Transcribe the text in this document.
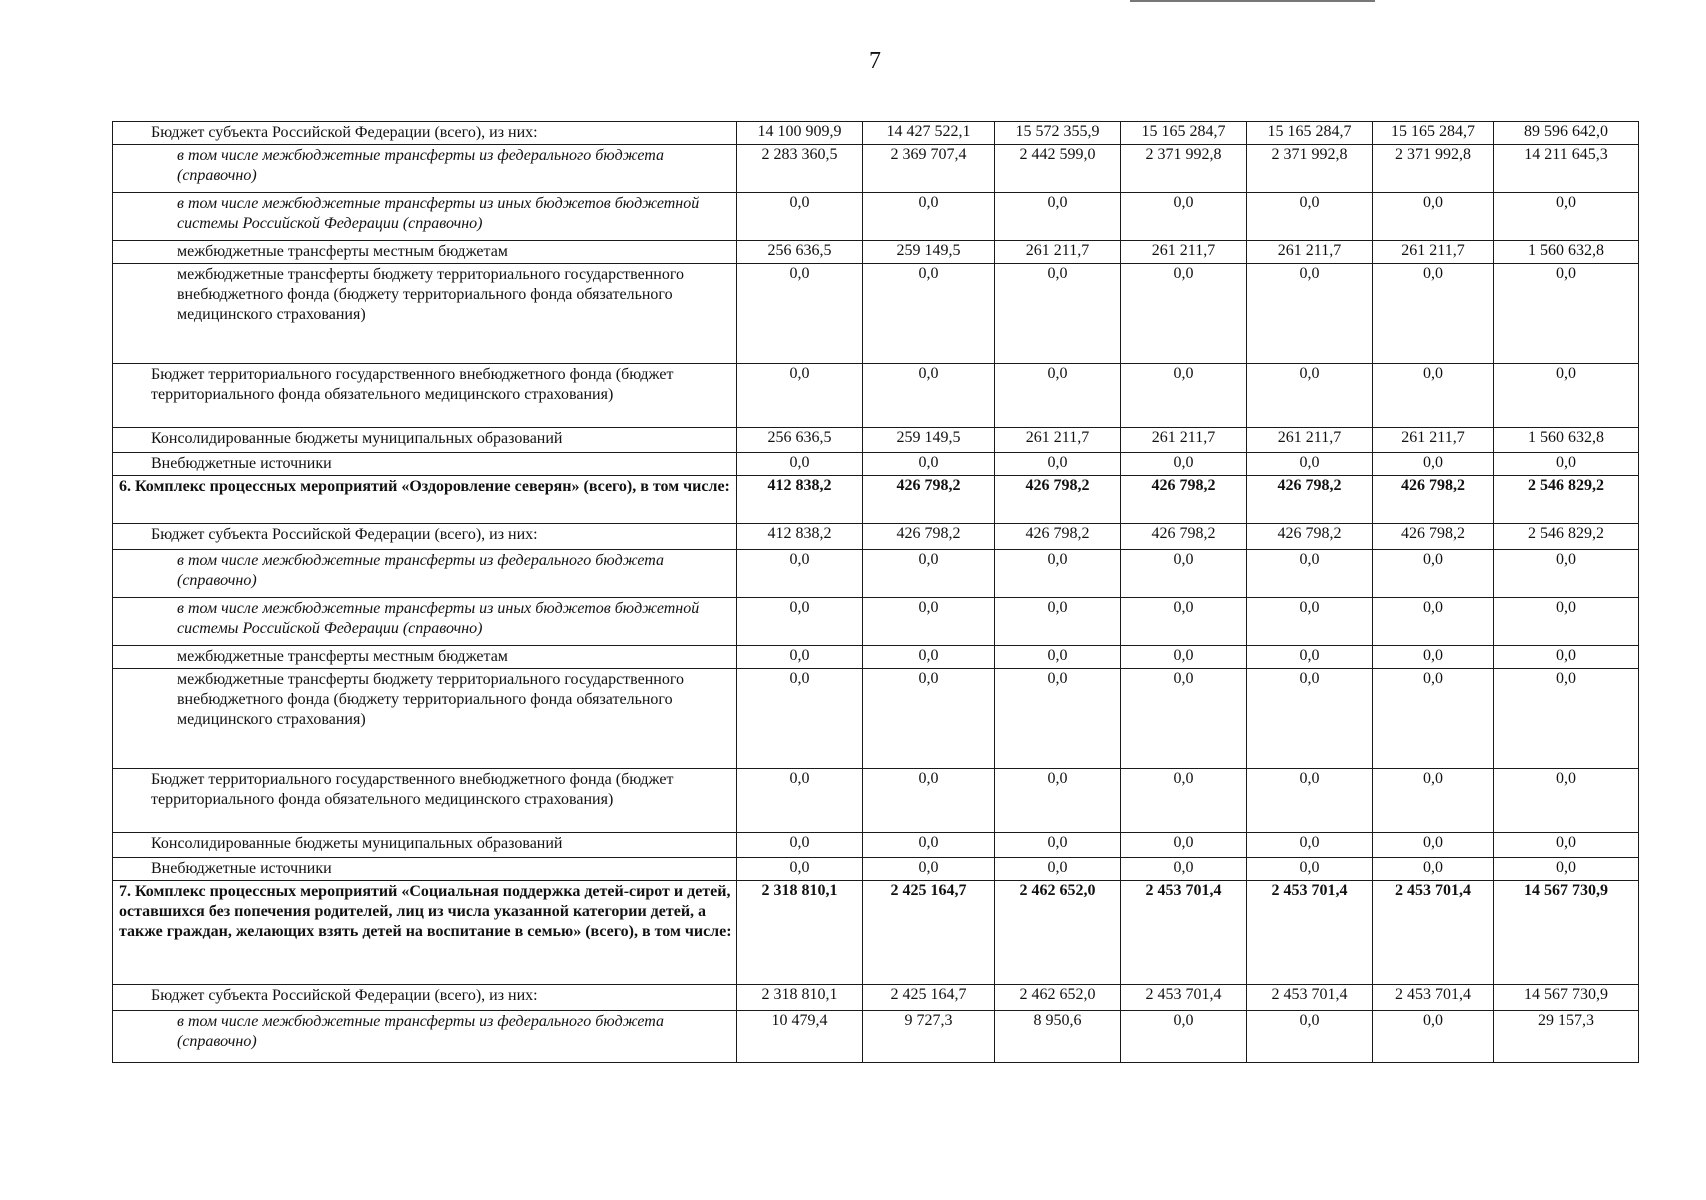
7
Бюджет субъекта Российской Федерации (всего), из них:	14 100 909,9	14 427 522,1	15 572 355,9	15 165 284,7	15 165 284,7	15 165 284,7	89 596 642,0
в том числе межбюджетные трансферты из федерального бюджета (справочно)	2 283 360,5	2 369 707,4	2 442 599,0	2 371 992,8	2 371 992,8	2 371 992,8	14 211 645,3
в том числе межбюджетные трансферты из иных бюджетов бюджетной системы Российской Федерации (справочно)	0,0	0,0	0,0	0,0	0,0	0,0	0,0
межбюджетные трансферты местным бюджетам	256 636,5	259 149,5	261 211,7	261 211,7	261 211,7	261 211,7	1 560 632,8
межбюджетные трансферты бюджету территориального государственного внебюджетного фонда (бюджету территориального фонда обязательного медицинского страхования)	0,0	0,0	0,0	0,0	0,0	0,0	0,0
Бюджет территориального государственного внебюджетного фонда (бюджет территориального фонда обязательного медицинского страхования)	0,0	0,0	0,0	0,0	0,0	0,0	0,0
Консолидированные бюджеты муниципальных образований	256 636,5	259 149,5	261 211,7	261 211,7	261 211,7	261 211,7	1 560 632,8
Внебюджетные источники	0,0	0,0	0,0	0,0	0,0	0,0	0,0
6. Комплекс процессных мероприятий «Оздоровление северян» (всего), в том числе:	412 838,2	426 798,2	426 798,2	426 798,2	426 798,2	426 798,2	2 546 829,2
Бюджет субъекта Российской Федерации (всего), из них:	412 838,2	426 798,2	426 798,2	426 798,2	426 798,2	426 798,2	2 546 829,2
в том числе межбюджетные трансферты из федерального бюджета (справочно)	0,0	0,0	0,0	0,0	0,0	0,0	0,0
в том числе межбюджетные трансферты из иных бюджетов бюджетной системы Российской Федерации (справочно)	0,0	0,0	0,0	0,0	0,0	0,0	0,0
межбюджетные трансферты местным бюджетам	0,0	0,0	0,0	0,0	0,0	0,0	0,0
межбюджетные трансферты бюджету территориального государственного внебюджетного фонда (бюджету территориального фонда обязательного медицинского страхования)	0,0	0,0	0,0	0,0	0,0	0,0	0,0
Бюджет территориального государственного внебюджетного фонда (бюджет территориального фонда обязательного медицинского страхования)	0,0	0,0	0,0	0,0	0,0	0,0	0,0
Консолидированные бюджеты муниципальных образований	0,0	0,0	0,0	0,0	0,0	0,0	0,0
Внебюджетные источники	0,0	0,0	0,0	0,0	0,0	0,0	0,0
7. Комплекс процессных мероприятий «Социальная поддержка детей-сирот и детей, оставшихся без попечения родителей, лиц из числа указанной категории детей, а также граждан, желающих взять детей на воспитание в семью» (всего), в том числе:	2 318 810,1	2 425 164,7	2 462 652,0	2 453 701,4	2 453 701,4	2 453 701,4	14 567 730,9
Бюджет субъекта Российской Федерации (всего), из них:	2 318 810,1	2 425 164,7	2 462 652,0	2 453 701,4	2 453 701,4	2 453 701,4	14 567 730,9
в том числе межбюджетные трансферты из федерального бюджета (справочно)	10 479,4	9 727,3	8 950,6	0,0	0,0	0,0	29 157,3
